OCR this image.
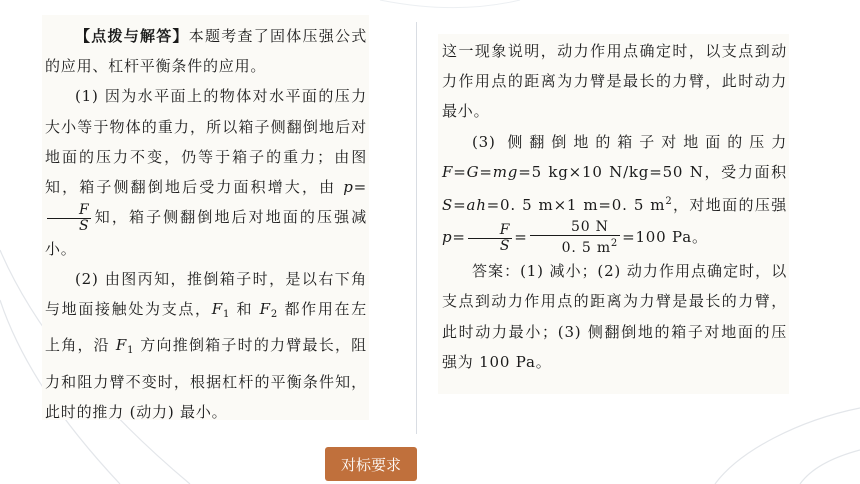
【点拨与解答】本题考查了固体压强公式的应用、杠杆平衡条件的应用。

(1) 因为水平面上的物体对水平面的压力大小等于物体的重力，所以箱子侧翻倒地后对地面的压力不变，仍等于箱子的重力；由图知，箱子侧翻倒地后受力面积增大，由 p=
$\frac{F}{S}$ 知，箱子侧翻倒地后对地面的压强减小。

(2) 由图丙知，推倒箱子时，是以右下角与地面接触处为支点，$F_1$ 和 $F_2$ 都作用在左上角，沿 $F_1$ 方向推倒箱子时的力臂最长，阻力和阻力臂不变时，根据杠杆的平衡条件知，此时的推力 (动力) 最小。

这一现象说明，动力作用点确定时，以支点到动力作用点的距离为力臂是最长的力臂，此时动力最小。

(3) 侧翻倒地的箱子对地面的压力 F=G=mg=5 kg×10 N/kg=50 N，受力面积 S=ah=0. 5 m×1 m=0. 5 $m^2$，对地面的压强 $p= \frac{F}{S} = \frac{50 N}{0. 5 m^2} =100$ Pa。

答案：(1) 减小；(2) 动力作用点确定时，以支点到动力作用点的距离为力臂是最长的力臂，此时动力最小；(3) 侧翻倒地的箱子对地面的压强为 100 Pa。

对标要求
